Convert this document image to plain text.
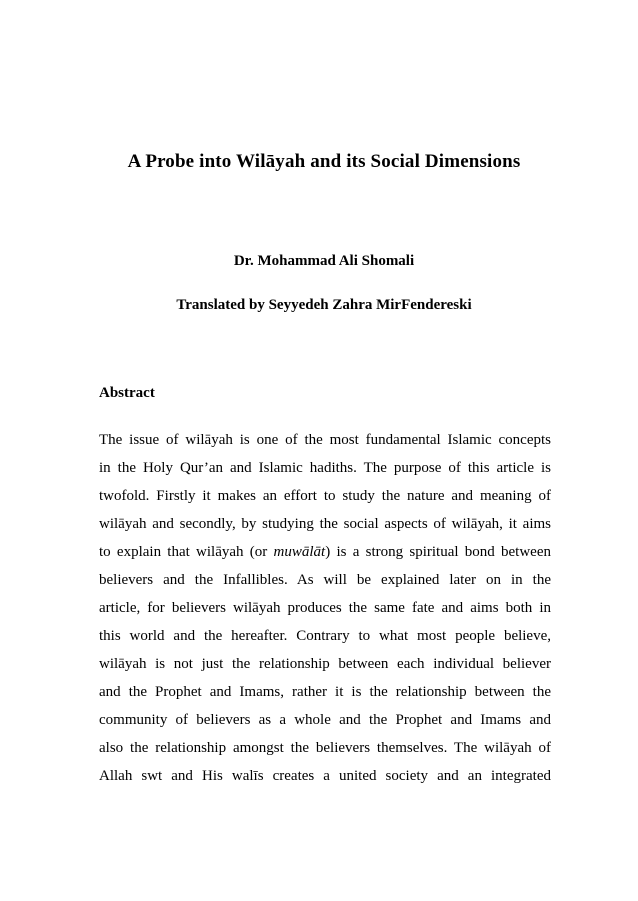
A Probe into Wilāyah and its Social Dimensions

Dr. Mohammad Ali Shomali

Translated by Seyyedeh Zahra MirFendereski

Abstract
The issue of wilāyah is one of the most fundamental Islamic concepts
in the Holy Qur’an and Islamic hadiths. The purpose of this article is
twofold. Firstly it makes an effort to study the nature and meaning of
wilāyah and secondly, by studying the social aspects of wilāyah, it aims
to explain that wilāyah (or muwālāt) is a strong spiritual bond between
believers and the Infallibles. As will be explained later on in the
article, for believers wilāyah produces the same fate and aims both in
this world and the hereafter. Contrary to what most people believe,
wilāyah is not just the relationship between each individual believer
and the Prophet and Imams, rather it is the relationship between the
community of believers as a whole and the Prophet and Imams and
also the relationship amongst the believers themselves. The wilāyah of
Allah swt and His walīs creates a united society and an integrated
